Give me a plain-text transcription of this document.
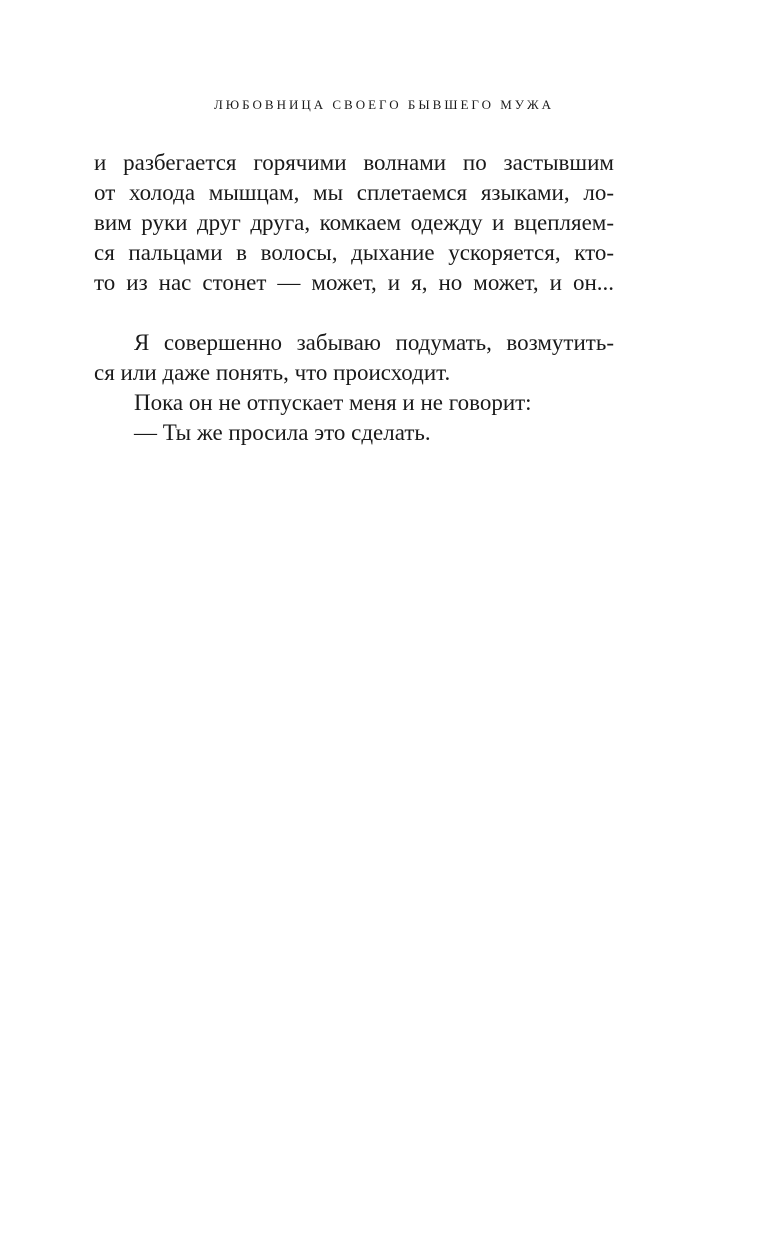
ЛЮБОВНИЦА СВОЕГО БЫВШЕГО МУЖА
и разбегается горячими волнами по застывшим
от холода мышцам, мы сплетаемся языками, ло-
вим руки друг друга, комкаем одежду и вцепляем-
ся пальцами в волосы, дыхание ускоряется, кто-
то из нас стонет — может, и я, но может, и он...
Я совершенно забываю подумать, возмутить-
ся или даже понять, что происходит.
Пока он не отпускает меня и не говорит:
— Ты же просила это сделать.
